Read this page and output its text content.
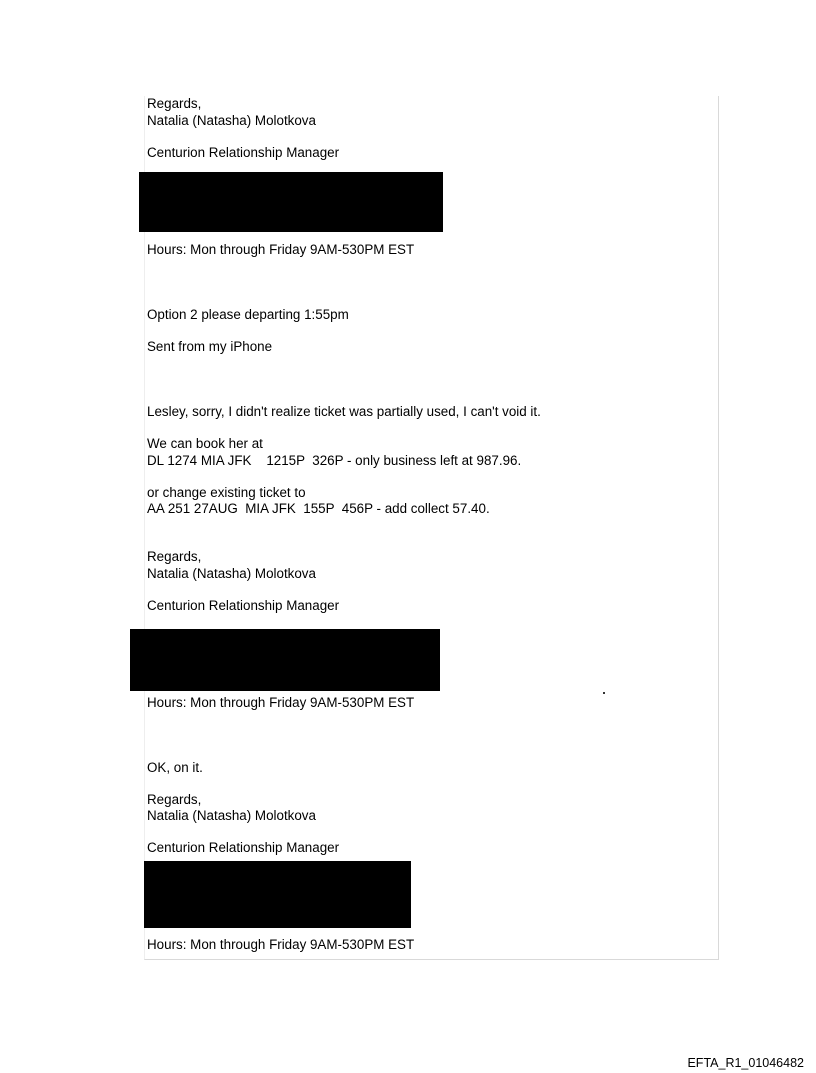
Regards,
Natalia (Natasha) Molotkova
Centurion Relationship Manager
Hours: Mon through Friday 9AM-530PM EST
Option 2 please departing 1:55pm
Sent from my iPhone
Lesley, sorry, I didn't realize ticket was partially used, I can't void it.
We can book her at
DL 1274 MIA JFK    1215P  326P - only business left at 987.96.
or change existing ticket to
AA 251 27AUG  MIA JFK  155P  456P - add collect 57.40.
Regards,
Natalia (Natasha) Molotkova
Centurion Relationship Manager
Hours: Mon through Friday 9AM-530PM EST
OK, on it.
Regards,
Natalia (Natasha) Molotkova
Centurion Relationship Manager
Hours: Mon through Friday 9AM-530PM EST
EFTA_R1_01046482
